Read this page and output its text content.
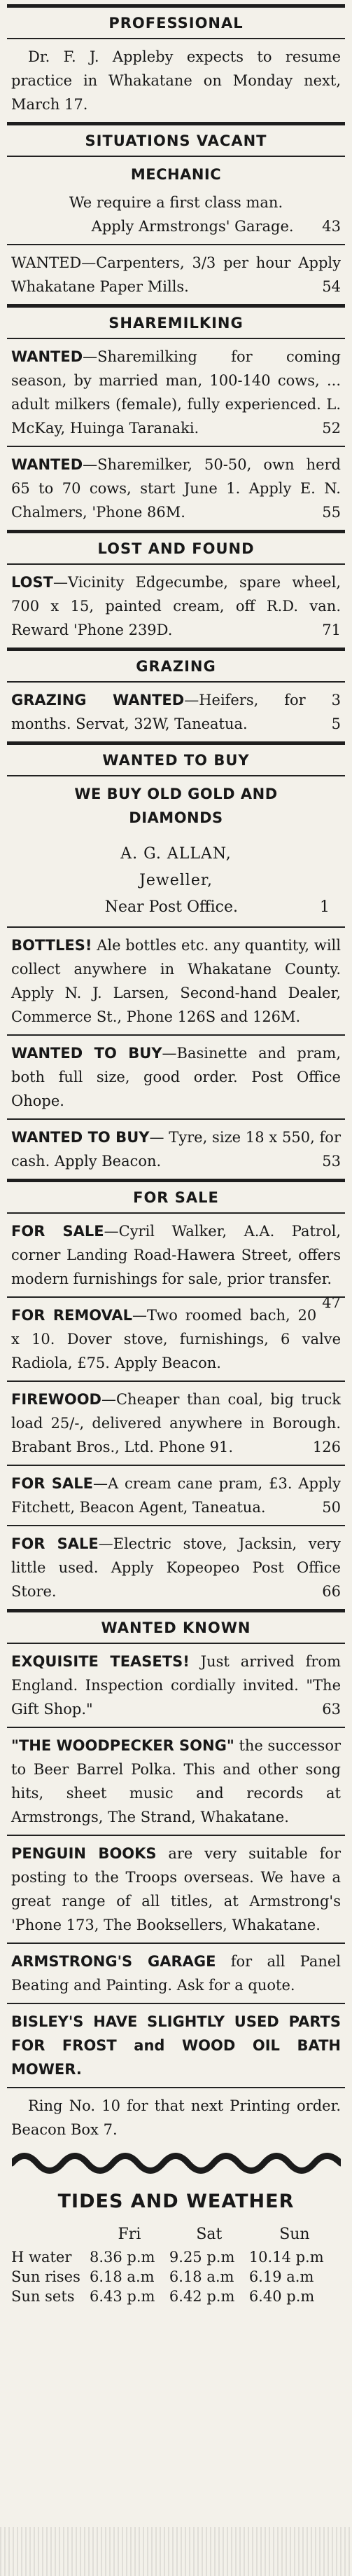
PROFESSIONAL
Dr. F. J. Appleby expects to resume practice in Whakatane on Monday next, March 17.
SITUATIONS VACANT
MECHANIC
We require a first class man.
Apply Armstrongs' Garage. 43
WANTED—Carpenters, 3/3 per hour Apply Whakatane Paper Mills.	54
SHAREMILKING
WANTED—Sharemilking for coming season, by married man, 100-140 cows, ... adult milkers (female), fully experienced. L. McKay, Huinga Taranaki.	52
WANTED—Sharemilker, 50-50, own herd 65 to 70 cows, start June 1. Apply E. N. Chalmers, 'Phone 86M.	55
LOST AND FOUND
LOST—Vicinity Edgecumbe, spare wheel, 700 x 15, painted cream, off R.D. van. Reward 'Phone 239D.	71
GRAZING
GRAZING WANTED—Heifers, for 3 months. Servat, 32W, Taneatua.	5
WANTED TO BUY
WE BUY OLD GOLD AND DIAMONDS
A. G. ALLAN,
Jeweller,
Near Post Office.	1
BOTTLES! Ale bottles etc. any quantity, will collect anywhere in Whakatane County. Apply N. J. Larsen, Second-hand Dealer, Commerce St., Phone 126S and 126M.
WANTED TO BUY—Basinette and pram, both full size, good order. Post Office Ohope.
WANTED TO BUY— Tyre, size 18 x 550, for cash. Apply Beacon.	53
FOR SALE
FOR SALE—Cyril Walker, A.A. Patrol, corner Landing Road-Hawera Street, offers modern furnishings for sale, prior transfer.
47
FOR REMOVAL—Two roomed bach, 20 x 10. Dover stove, furnishings, 6 valve Radiola, £75. Apply Beacon.
FIREWOOD—Cheaper than coal, big truck load 25/-, delivered anywhere in Borough. Brabant Bros., Ltd. Phone 91.	126
FOR SALE—A cream cane pram, £3. Apply Fitchett, Beacon Agent, Taneatua.	50
FOR SALE—Electric stove, Jacksin, very little used. Apply Kopeopeo Post Office Store.	66
WANTED KNOWN
EXQUISITE TEASETS! Just arrived from England. Inspection cordially invited. "The Gift Shop."	63
"THE WOODPECKER SONG" the successor to Beer Barrel Polka. This and other song hits, sheet music and records at Armstrongs, The Strand, Whakatane.
PENGUIN BOOKS are very suitable for posting to the Troops overseas. We have a great range of all titles, at Armstrong's 'Phone 173, The Booksellers, Whakatane.
ARMSTRONG'S GARAGE for all Panel Beating and Painting. Ask for a quote.
BISLEY'S HAVE SLIGHTLY USED PARTS FOR FROST and WOOD OIL BATH MOWER.
Ring No. 10 for that next Printing order. Beacon Box 7.
TIDES AND WEATHER
	Fri	Sat	Sun
H water	8.36 p.m	9.25 p.m	10.14 p.m
Sun rises	6.18 a.m	6.18 a.m	6.19 a.m
Sun sets	6.43 p.m	6.42 p.m	6.40 p.m
